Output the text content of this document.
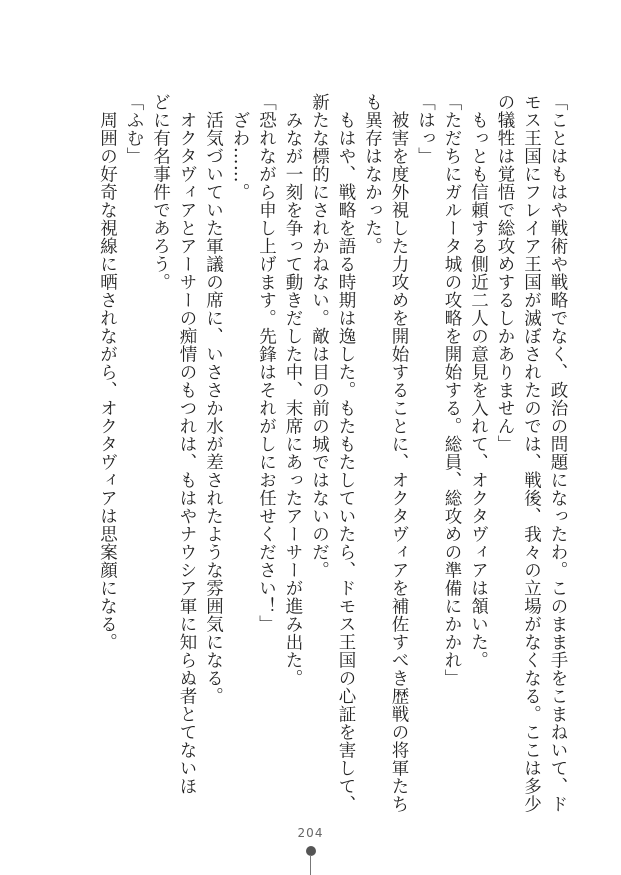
「ことはもはや戦術や戦略でなく、政治の問題になったわ。このまま手をこまねいて、ド
モス王国にフレイア王国が滅ぼされたのでは、戦後、我々の立場がなくなる。ここは多少
の犠牲は覚悟で総攻めするしかありません」
　もっとも信頼する側近二人の意見を入れて、オクタヴィアは頷いた。
「ただちにガルータ城の攻略を開始する。総員、総攻めの準備にかかれ」
「はっ」
　被害を度外視した力攻めを開始することに、オクタヴィアを補佐すべき歴戦の将軍たち
も異存はなかった。
　もはや、戦略を語る時期は逸した。もたもたしていたら、ドモス王国の心証を害して、
新たな標的にされかねない。敵は目の前の城ではないのだ。
　みなが一刻を争って動きだした中、末席にあったアーサーが進み出た。
「恐れながら申し上げます。先鋒はそれがしにお任せください！」
　ざわ……。
　活気づいていた軍議の席に、いささか水が差されたような雰囲気になる。
　オクタヴィアとアーサーの痴情のもつれは、もはやナウシア軍に知らぬ者とてないほ
どに有名事件であろう。
「ふむ」
　周囲の好奇な視線に晒されながら、オクタヴィアは思案顔になる。
204
